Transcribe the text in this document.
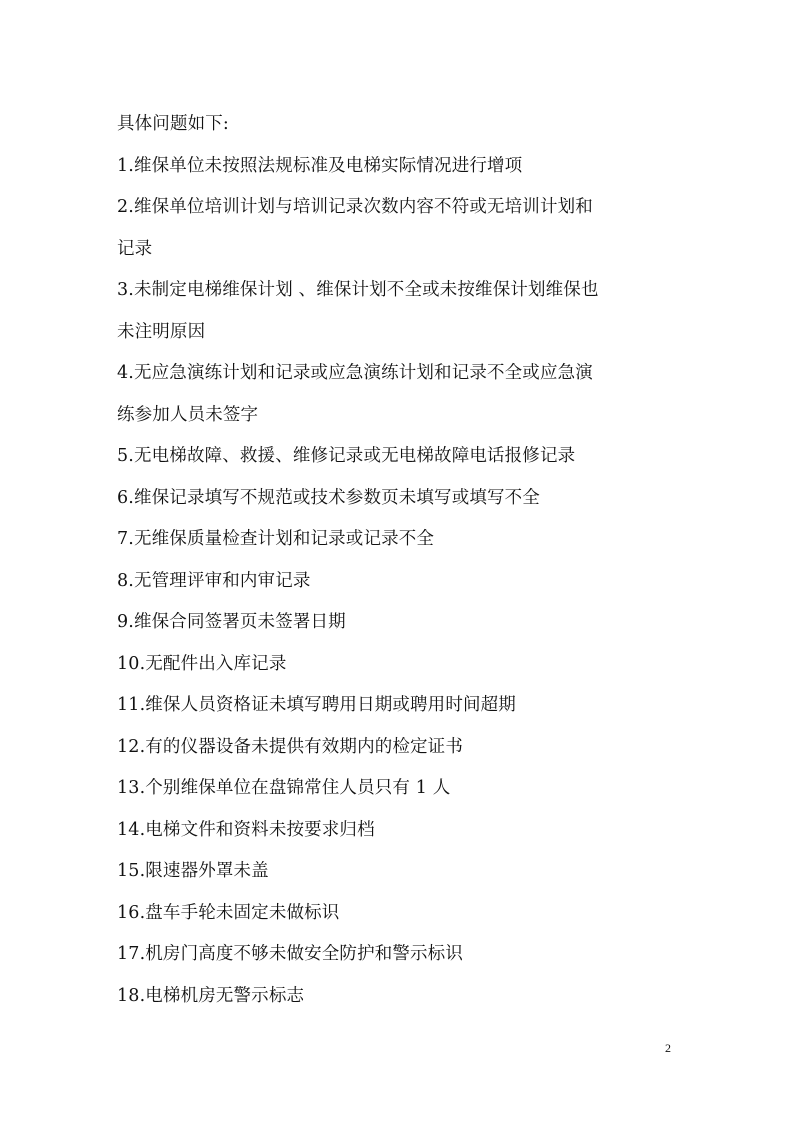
具体问题如下:
1.维保单位未按照法规标准及电梯实际情况进行增项
2.维保单位培训计划与培训记录次数内容不符或无培训计划和
记录
3.未制定电梯维保计划 、维保计划不全或未按维保计划维保也
未注明原因
4.无应急演练计划和记录或应急演练计划和记录不全或应急演
练参加人员未签字
5.无电梯故障、救援、维修记录或无电梯故障电话报修记录
6.维保记录填写不规范或技术参数页未填写或填写不全
7.无维保质量检查计划和记录或记录不全
8.无管理评审和内审记录
9.维保合同签署页未签署日期
10.无配件出入库记录
11.维保人员资格证未填写聘用日期或聘用时间超期
12.有的仪器设备未提供有效期内的检定证书
13.个别维保单位在盘锦常住人员只有 1 人
14.电梯文件和资料未按要求归档
15.限速器外罩未盖
16.盘车手轮未固定未做标识
17.机房门高度不够未做安全防护和警示标识
18.电梯机房无警示标志
2
